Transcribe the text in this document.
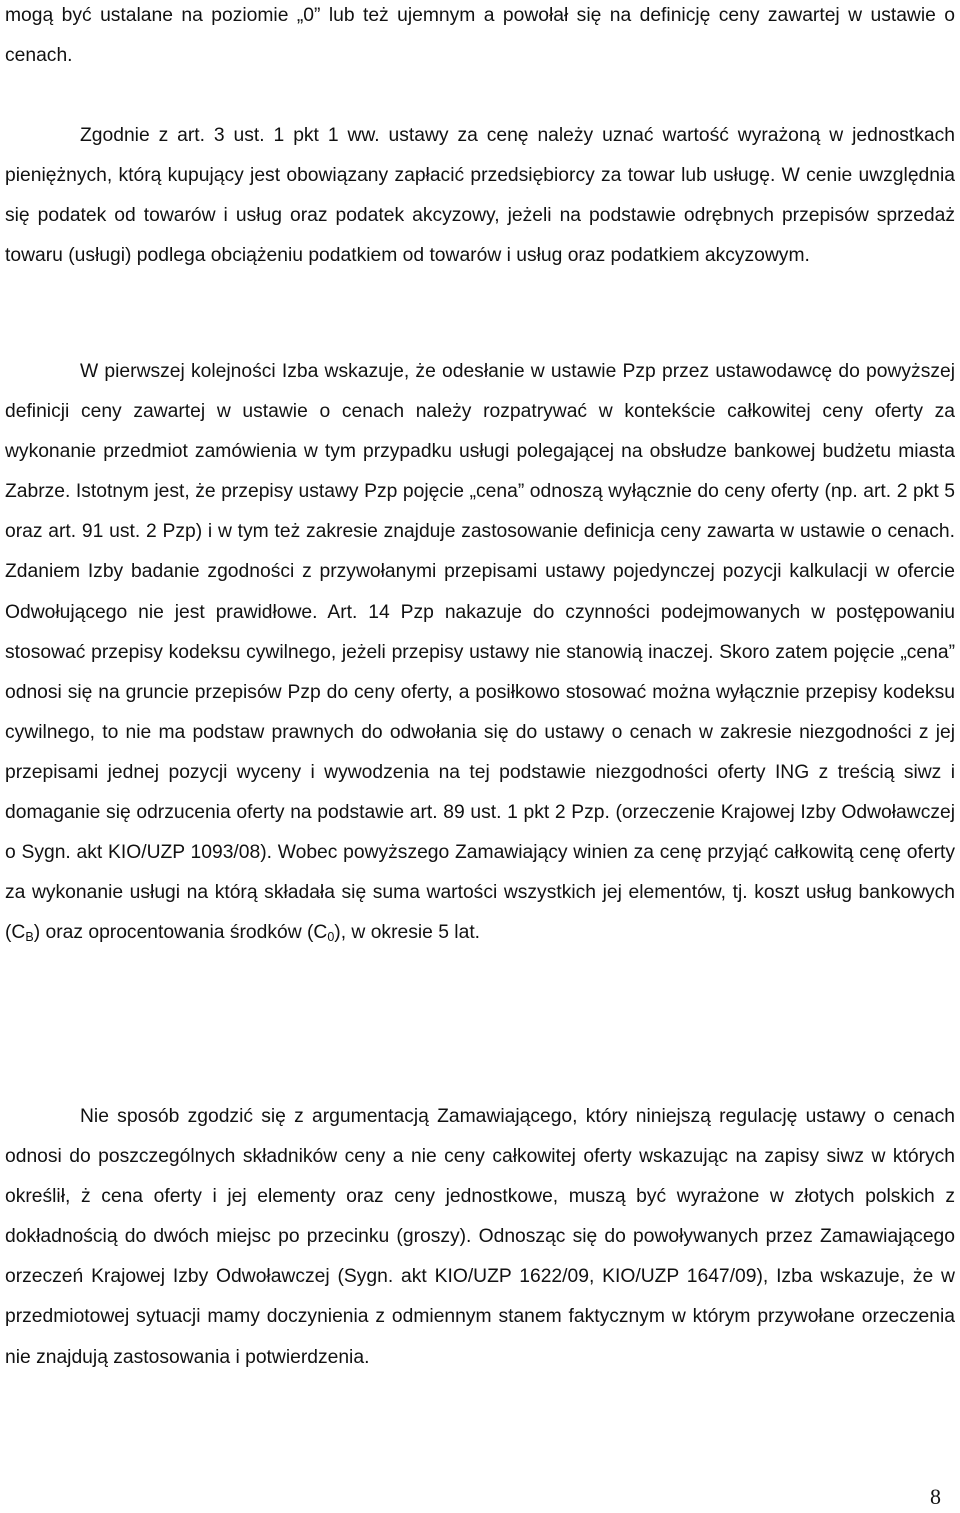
mogą być ustalane na poziomie „0” lub też ujemnym a powołał się na definicję ceny zawartej w ustawie o cenach.

Zgodnie z art. 3 ust. 1 pkt 1 ww. ustawy za cenę należy uznać wartość wyrażoną w jednostkach pieniężnych, którą kupujący jest obowiązany zapłacić przedsiębiorcy za towar lub usługę. W cenie uwzględnia się podatek od towarów i usług oraz podatek akcyzowy, jeżeli na podstawie odrębnych przepisów sprzedaż towaru (usługi) podlega obciążeniu podatkiem od towarów i usług oraz podatkiem akcyzowym.

W pierwszej kolejności Izba wskazuje, że odesłanie w ustawie Pzp przez ustawodawcę do powyższej definicji ceny zawartej w ustawie o cenach należy rozpatrywać w kontekście całkowitej ceny oferty za wykonanie przedmiot zamówienia w tym przypadku usługi polegającej na obsłudze bankowej budżetu miasta Zabrze. Istotnym jest, że przepisy ustawy Pzp pojęcie „cena” odnoszą wyłącznie do ceny oferty (np. art. 2 pkt 5 oraz art. 91 ust. 2 Pzp) i w tym też zakresie znajduje zastosowanie definicja ceny zawarta w ustawie o cenach. Zdaniem Izby badanie zgodności z przywołanymi przepisami ustawy pojedynczej pozycji kalkulacji w ofercie Odwołującego nie jest prawidłowe. Art. 14 Pzp nakazuje do czynności podejmowanych w postępowaniu stosować przepisy kodeksu cywilnego, jeżeli przepisy ustawy nie stanowią inaczej. Skoro zatem pojęcie „cena” odnosi się na gruncie przepisów Pzp do ceny oferty, a posiłkowo stosować można wyłącznie przepisy kodeksu cywilnego, to nie ma podstaw prawnych do odwołania się do ustawy o cenach w zakresie niezgodności z jej przepisami jednej pozycji wyceny i wywodzenia na tej podstawie niezgodności oferty ING z treścią siwz i domaganie się odrzucenia oferty na podstawie art. 89 ust. 1 pkt 2 Pzp. (orzeczenie Krajowej Izby Odwoławczej o Sygn. akt KIO/UZP 1093/08). Wobec powyższego Zamawiający winien za cenę przyjąć całkowitą cenę oferty za wykonanie usługi na którą składała się suma wartości wszystkich jej elementów, tj. koszt usług bankowych $(C_B)$ oraz oprocentowania środków $(C_0)$, w okresie 5 lat.

Nie sposób zgodzić się z argumentacją Zamawiającego, który niniejszą regulację ustawy o cenach odnosi do poszczególnych składników ceny a nie ceny całkowitej oferty wskazując na zapisy siwz w których określił, ż cena oferty i jej elementy oraz ceny jednostkowe, muszą być wyrażone w złotych polskich z dokładnością do dwóch miejsc po przecinku (groszy). Odnosząc się do powoływanych przez Zamawiającego orzeczeń Krajowej Izby Odwoławczej (Sygn. akt KIO/UZP 1622/09, KIO/UZP 1647/09), Izba wskazuje, że w przedmiotowej sytuacji mamy doczynienia z odmiennym stanem faktycznym w którym przywołane orzeczenia nie znajdują zastosowania i potwierdzenia.

8
